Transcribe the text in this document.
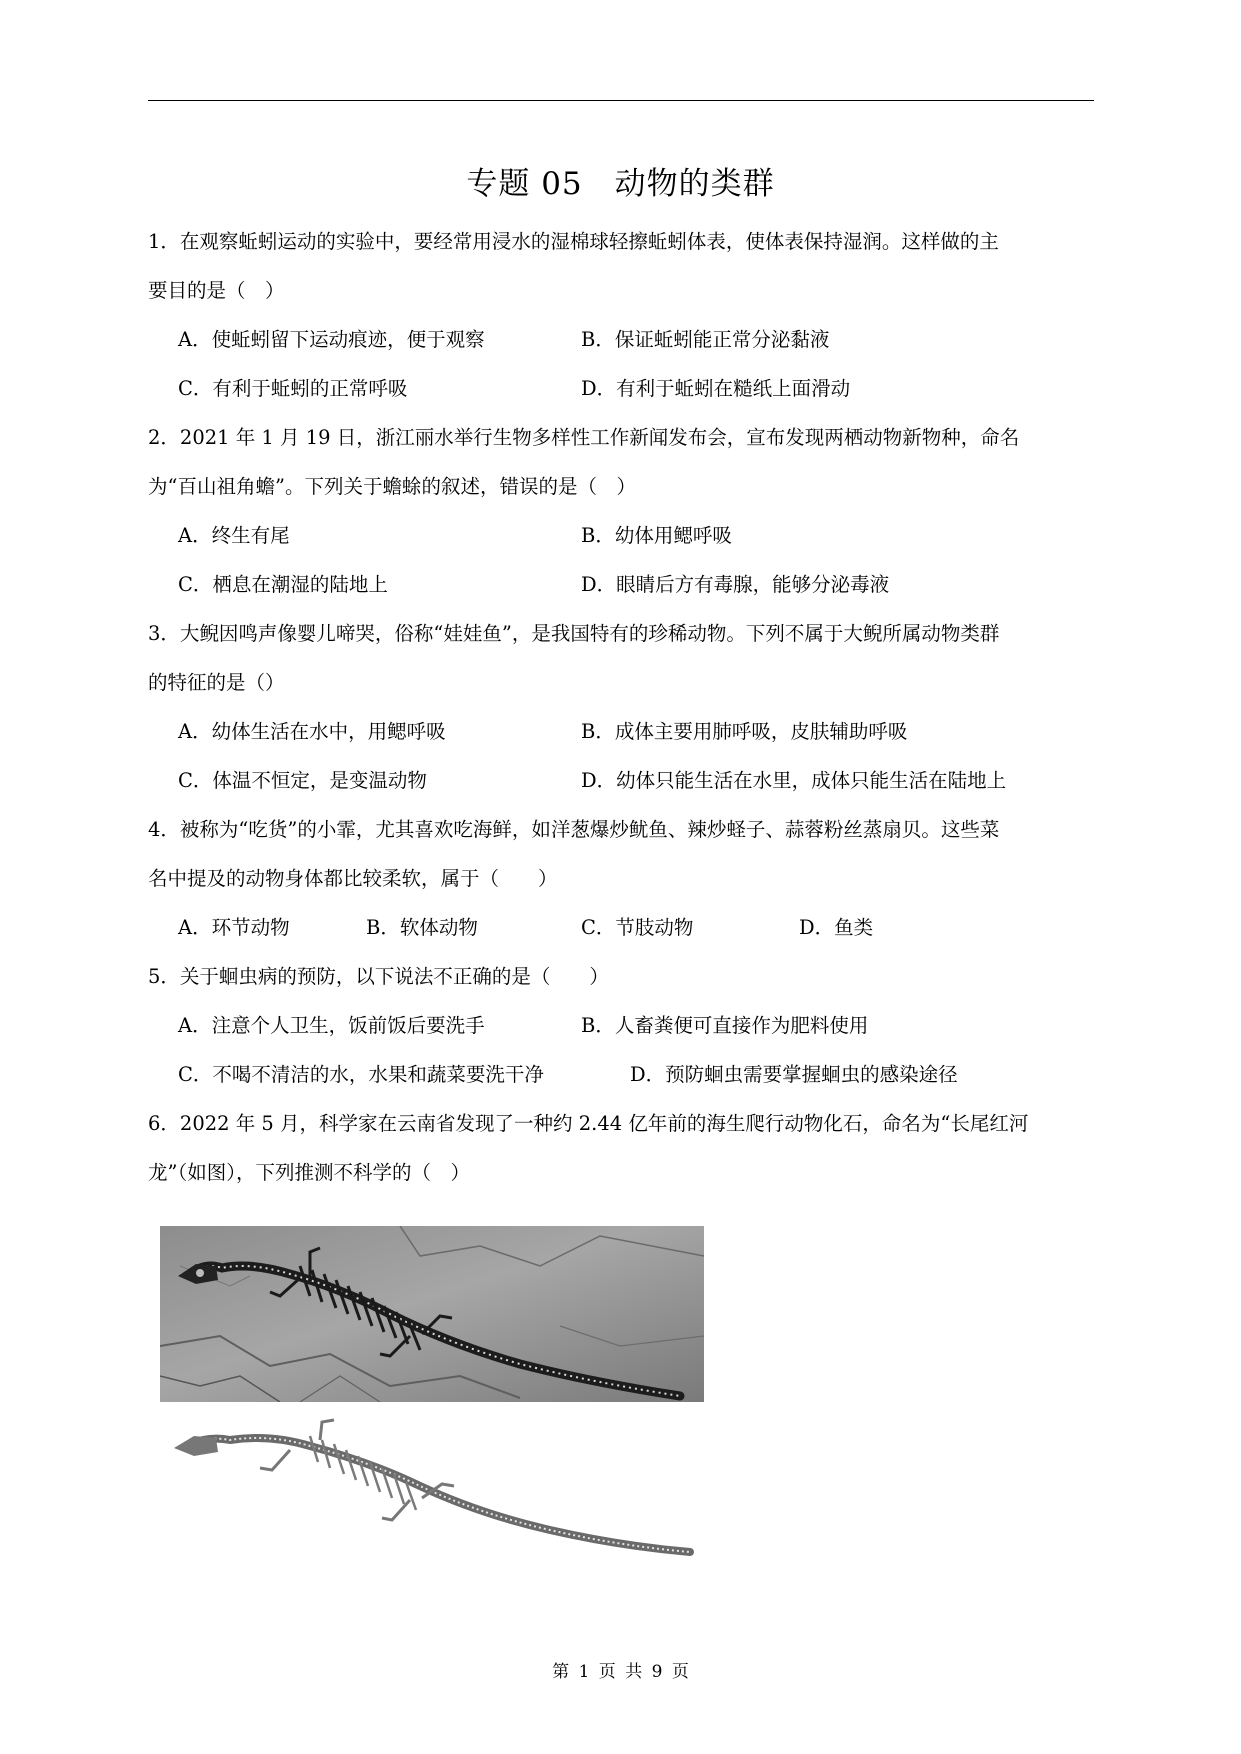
专题 05　动物的类群
1．在观察蚯蚓运动的实验中，要经常用浸水的湿棉球轻擦蚯蚓体表，使体表保持湿润。这样做的主
要目的是（　）
A．使蚯蚓留下运动痕迹，便于观察	B．保证蚯蚓能正常分泌黏液
C．有利于蚯蚓的正常呼吸	D．有利于蚯蚓在糙纸上面滑动
2．2021 年 1 月 19 日，浙江丽水举行生物多样性工作新闻发布会，宣布发现两栖动物新物种，命名
为“百山祖角蟾”。下列关于蟾蜍的叙述，错误的是（　）
A．终生有尾	B．幼体用鳃呼吸
C．栖息在潮湿的陆地上	D．眼睛后方有毒腺，能够分泌毒液
3．大鲵因鸣声像婴儿啼哭，俗称“娃娃鱼”，是我国特有的珍稀动物。下列不属于大鲵所属动物类群
的特征的是（）
A．幼体生活在水中，用鳃呼吸	B．成体主要用肺呼吸，皮肤辅助呼吸
C．体温不恒定，是变温动物	D．幼体只能生活在水里，成体只能生活在陆地上
4．被称为“吃货”的小霏，尤其喜欢吃海鲜，如洋葱爆炒鱿鱼、辣炒蛏子、蒜蓉粉丝蒸扇贝。这些菜
名中提及的动物身体都比较柔软，属于（　　）
A．环节动物	B．软体动物	C．节肢动物	D．鱼类
5．关于蛔虫病的预防，以下说法不正确的是（　　）
A．注意个人卫生，饭前饭后要洗手	B．人畜粪便可直接作为肥料使用
C．不喝不清洁的水，水果和蔬菜要洗干净	D．预防蛔虫需要掌握蛔虫的感染途径
6．2022 年 5 月，科学家在云南省发现了一种约 2.44 亿年前的海生爬行动物化石，命名为“长尾红河
龙”（如图），下列推测不科学的（　）
第 1 页 共 9 页
